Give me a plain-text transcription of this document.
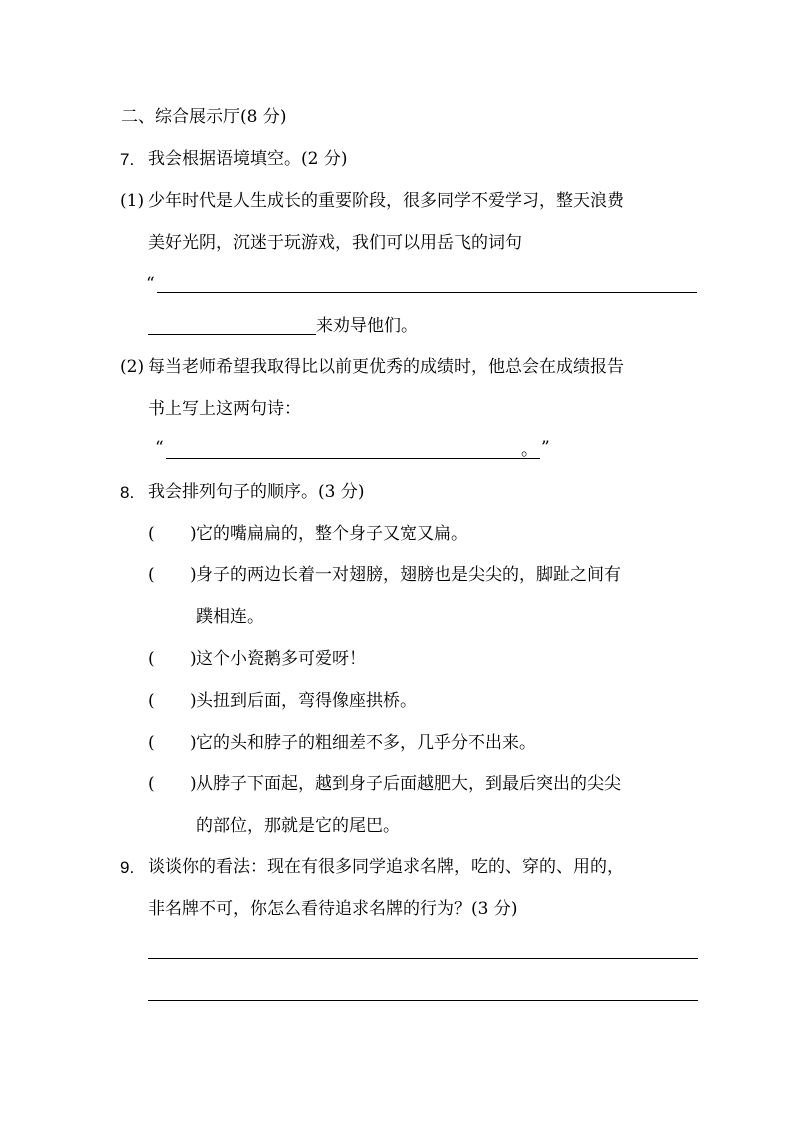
二、综合展示厅(8 分)
7. 我会根据语境填空。(2 分)
(1) 少年时代是人生成长的重要阶段，很多同学不爱学习，整天浪费
美好光阴，沉迷于玩游戏，我们可以用岳飞的词句
“
来劝导他们。
(2) 每当老师希望我取得比以前更优秀的成绩时，他总会在成绩报告
书上写上这两句诗：
“	。 ”
8. 我会排列句子的顺序。(3 分)
( ) 它的嘴扁扁的，整个身子又宽又扁。
( ) 身子的两边长着一对翅膀，翅膀也是尖尖的，脚趾之间有
蹼相连。
( ) 这个小瓷鹅多可爱呀！
( ) 头扭到后面，弯得像座拱桥。
( ) 它的头和脖子的粗细差不多，几乎分不出来。
( ) 从脖子下面起，越到身子后面越肥大，到最后突出的尖尖
的部位，那就是它的尾巴。
9. 谈谈你的看法：现在有很多同学追求名牌，吃的、穿的、用的，
非名牌不可，你怎么看待追求名牌的行为？(3 分)
